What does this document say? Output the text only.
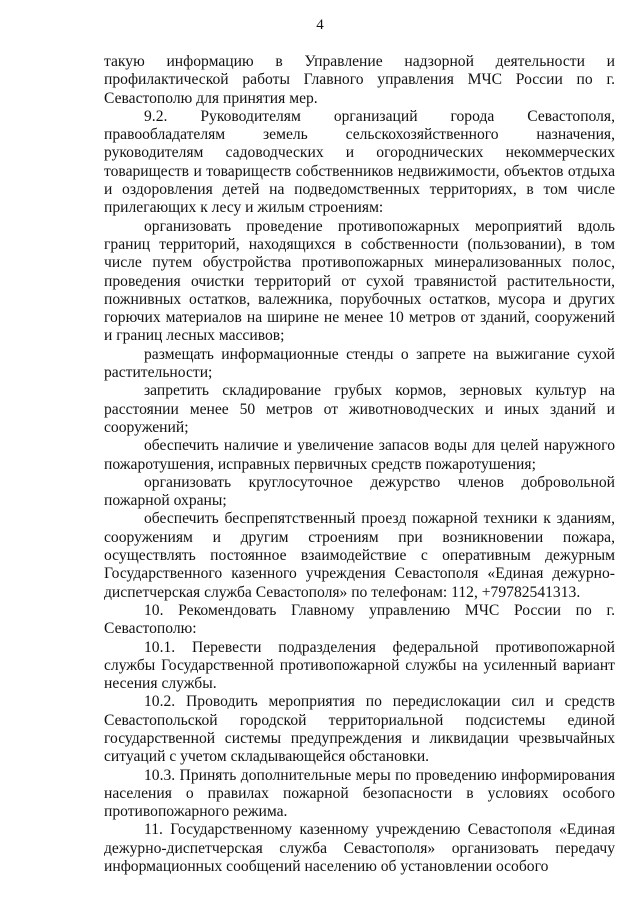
4

такую информацию в Управление надзорной деятельности и профилактической работы Главного управления МЧС России по г. Севастополю для принятия мер.

9.2. Руководителям организаций города Севастополя, правообладателям земель сельскохозяйственного назначения, руководителям садоводческих и огороднических некоммерческих товариществ и товариществ собственников недвижимости, объектов отдыха и оздоровления детей на подведомственных территориях, в том числе прилегающих к лесу и жилым строениям:

организовать проведение противопожарных мероприятий вдоль границ территорий, находящихся в собственности (пользовании), в том числе путем обустройства противопожарных минерализованных полос, проведения очистки территорий от сухой травянистой растительности, пожнивных остатков, валежника, порубочных остатков, мусора и других горючих материалов на ширине не менее 10 метров от зданий, сооружений и границ лесных массивов;

размещать информационные стенды о запрете на выжигание сухой растительности;

запретить складирование грубых кормов, зерновых культур на расстоянии менее 50 метров от животноводческих и иных зданий и сооружений;

обеспечить наличие и увеличение запасов воды для целей наружного пожаротушения, исправных первичных средств пожаротушения;

организовать круглосуточное дежурство членов добровольной пожарной охраны;

обеспечить беспрепятственный проезд пожарной техники к зданиям, сооружениям и другим строениям при возникновении пожара, осуществлять постоянное взаимодействие с оперативным дежурным Государственного казенного учреждения Севастополя «Единая дежурно-диспетчерская служба Севастополя» по телефонам: 112, +79782541313.

10. Рекомендовать Главному управлению МЧС России по г. Севастополю:

10.1. Перевести подразделения федеральной противопожарной службы Государственной противопожарной службы на усиленный вариант несения службы.

10.2. Проводить мероприятия по передислокации сил и средств Севастопольской городской территориальной подсистемы единой государственной системы предупреждения и ликвидации чрезвычайных ситуаций с учетом складывающейся обстановки.

10.3. Принять дополнительные меры по проведению информирования населения о правилах пожарной безопасности в условиях особого противопожарного режима.

11. Государственному казенному учреждению Севастополя «Единая дежурно-диспетчерская служба Севастополя» организовать передачу информационных сообщений населению об установлении особого
